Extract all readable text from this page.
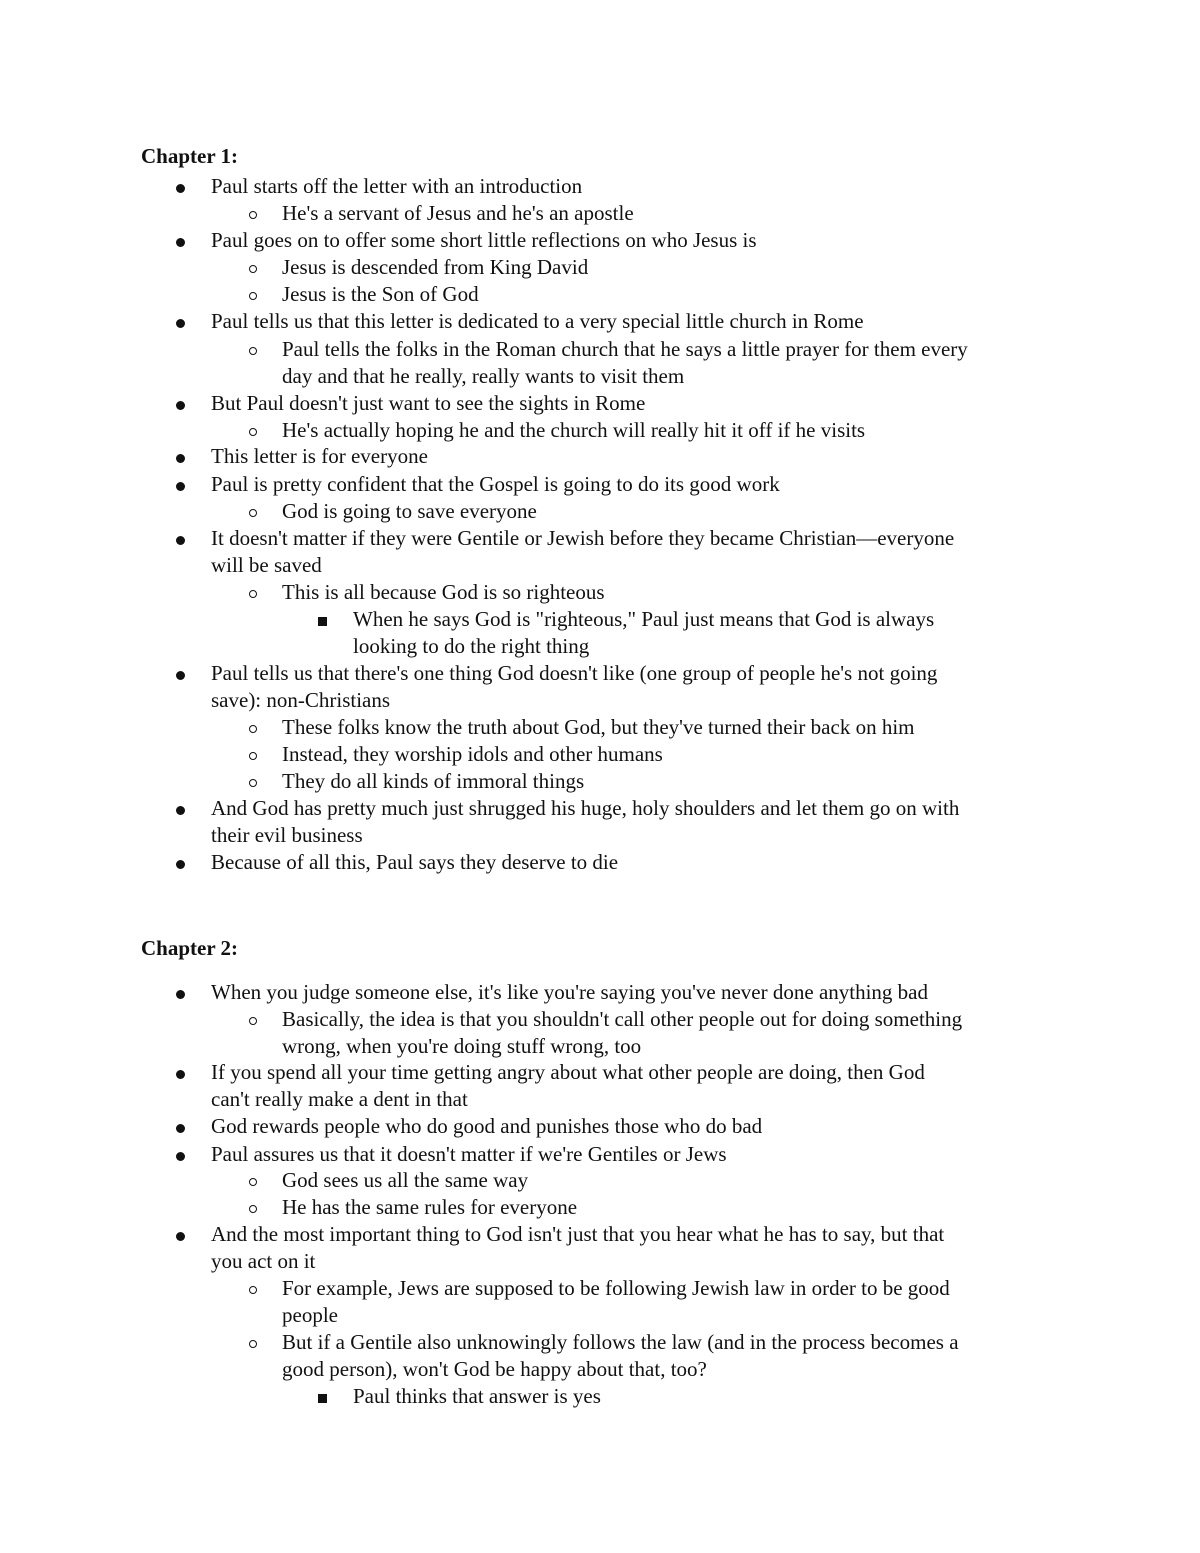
Chapter 1:
Paul starts off the letter with an introduction
He's a servant of Jesus and he's an apostle
Paul goes on to offer some short little reflections on who Jesus is
Jesus is descended from King David
Jesus is the Son of God
Paul tells us that this letter is dedicated to a very special little church in Rome
Paul tells the folks in the Roman church that he says a little prayer for them every
day and that he really, really wants to visit them
But Paul doesn't just want to see the sights in Rome
He's actually hoping he and the church will really hit it off if he visits
This letter is for everyone
Paul is pretty confident that the Gospel is going to do its good work
God is going to save everyone
It doesn't matter if they were Gentile or Jewish before they became Christian—everyone
will be saved
This is all because God is so righteous
When he says God is "righteous," Paul just means that God is always
looking to do the right thing
Paul tells us that there's one thing God doesn't like (one group of people he's not going
save): non-Christians
These folks know the truth about God, but they've turned their back on him
Instead, they worship idols and other humans
They do all kinds of immoral things
And God has pretty much just shrugged his huge, holy shoulders and let them go on with
their evil business
Because of all this, Paul says they deserve to die
Chapter 2:
When you judge someone else, it's like you're saying you've never done anything bad
Basically, the idea is that you shouldn't call other people out for doing something
wrong, when you're doing stuff wrong, too
If you spend all your time getting angry about what other people are doing, then God
can't really make a dent in that
God rewards people who do good and punishes those who do bad
Paul assures us that it doesn't matter if we're Gentiles or Jews
God sees us all the same way
He has the same rules for everyone
And the most important thing to God isn't just that you hear what he has to say, but that
you act on it
For example, Jews are supposed to be following Jewish law in order to be good
people
But if a Gentile also unknowingly follows the law (and in the process becomes a
good person), won't God be happy about that, too?
Paul thinks that answer is yes
